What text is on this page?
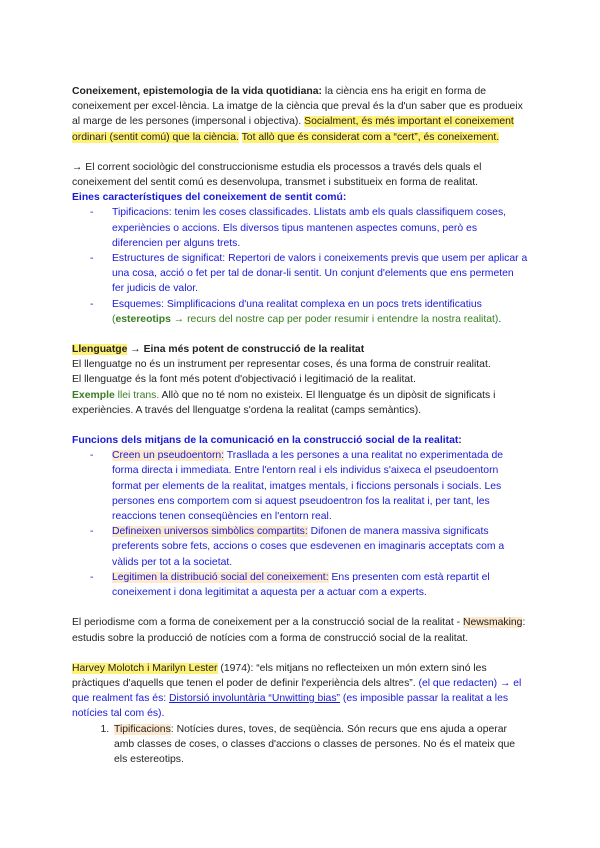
Coneixement, epistemologia de la vida quotidiana: la ciència ens ha erigit en forma de coneixement per excel·lència. La imatge de la ciència que preval és la d'un saber que es produeix al marge de les persones (impersonal i objectiva). Socialment, és més important el coneixement ordinari (sentit comú) que la ciència. Tot allò que és considerat com a “cert”, és coneixement.

→ El corrent sociològic del construccionisme estudia els processos a través dels quals el coneixement del sentit comú es desenvolupa, transmet i substitueix en forma de realitat.

Eines característiques del coneixement de sentit comú:

- Tipificacions: tenim les coses classificades. Llistats amb els quals classifiquem coses, experiències o accions. Els diversos tipus mantenen aspectes comuns, però es diferencien per alguns trets.
- Estructures de significat: Repertori de valors i coneixements previs que usem per aplicar a una cosa, acció o fet per tal de donar-li sentit. Un conjunt d'elements que ens permeten fer judicis de valor.
- Esquemes: Simplificacions d'una realitat complexa en un pocs trets identificatius (estereotips → recurs del nostre cap per poder resumir i entendre la nostra realitat).

Llenguatge → Eina més potent de construcció de la realitat

El llenguatge no és un instrument per representar coses, és una forma de construir realitat.

El llenguatge és la font més potent d'objectivació i legitimació de la realitat.

Exemple llei trans. Allò que no té nom no existeix. El llenguatge és un dipòsit de significats i experiències. A través del llenguatge s'ordena la realitat (camps semàntics).

Funcions dels mitjans de la comunicació en la construcció social de la realitat:

- Creen un pseudoentorn: Trasllada a les persones a una realitat no experimentada de forma directa i immediata. Entre l'entorn real i els individus s'aixeca el pseudoentorn format per elements de la realitat, imatges mentals, i ficcions personals i socials. Les persones ens comportem com si aquest pseudoentron fos la realitat i, per tant, les reaccions tenen conseqüències en l'entorn real.
- Defineixen universos simbòlics compartits: Difonen de manera massiva significats preferents sobre fets, accions o coses que esdevenen en imaginaris acceptats com a vàlids per tot a la societat.
- Legitimen la distribució social del coneixement: Ens presenten com està repartit el coneixement i dona legitimitat a aquesta per a actuar com a experts.

El periodisme com a forma de coneixement per a la construcció social de la realitat - Newsmaking: estudis sobre la producció de notícies com a forma de construcció social de la realitat.

Harvey Molotch i Marilyn Lester (1974): “els mitjans no reflecteixen un món extern sinó les pràctiques d'aquells que tenen el poder de definir l'experiència dels altres”. (el que redacten) → el que realment fas és: Distorsió involuntària “Unwitting bias” (es imposible passar la realitat a les notícies tal com és).

1. Tipificacions: Notícies dures, toves, de seqüència. Són recurs que ens ajuda a operar amb classes de coses, o classes d'accions o classes de persones. No és el mateix que els estereotips.
